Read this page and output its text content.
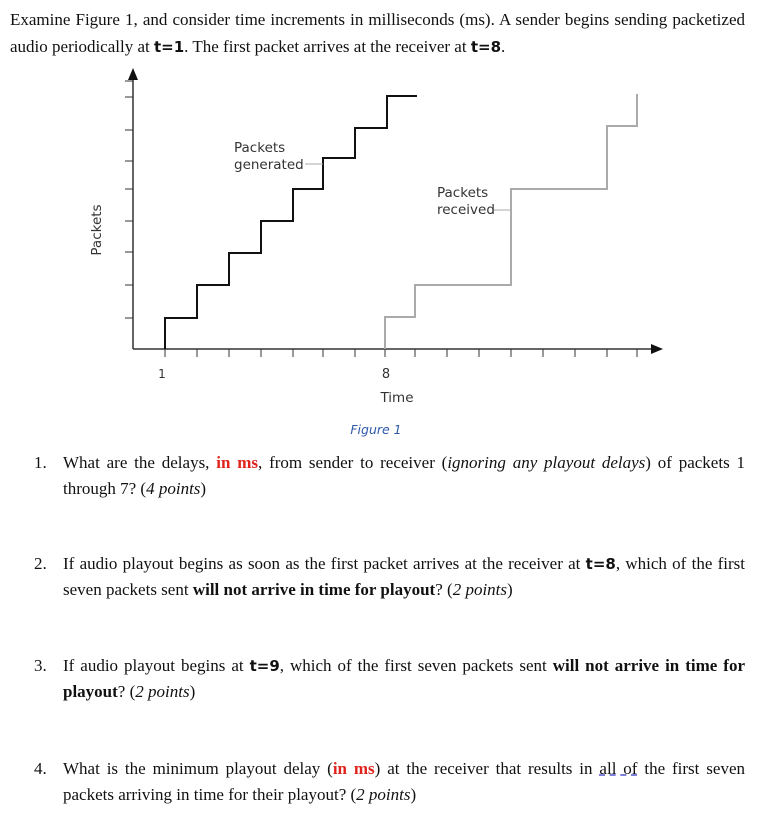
Examine Figure 1, and consider time increments in milliseconds (ms). A sender begins sending packetized audio periodically at t=1. The first packet arrives at the receiver at t=8.
Packets
generated
Packets
received
Packets
1	8
Time
Figure 1
1. What are the delays, in ms, from sender to receiver (ignoring any playout delays) of packets 1 through 7? (4 points)
2. If audio playout begins as soon as the first packet arrives at the receiver at t=8, which of the first seven packets sent will not arrive in time for playout? (2 points)
3. If audio playout begins at t=9, which of the first seven packets sent will not arrive in time for playout? (2 points)
4. What is the minimum playout delay (in ms) at the receiver that results in all of the first seven packets arriving in time for their playout? (2 points)
